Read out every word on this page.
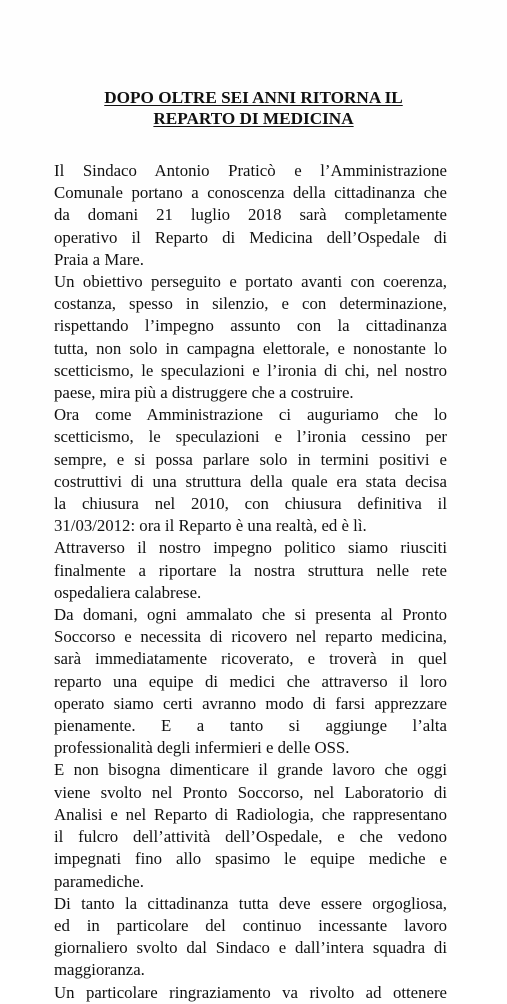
DOPO OLTRE SEI ANNI RITORNA IL
REPARTO DI MEDICINA

Il Sindaco Antonio Praticò e l’Amministrazione
Comunale portano a conoscenza della cittadinanza che
da domani 21 luglio 2018 sarà completamente
operativo il Reparto di Medicina dell’Ospedale di
Praia a Mare.

Un obiettivo perseguito e portato avanti con coerenza,
costanza, spesso in silenzio, e con determinazione,
rispettando l’impegno assunto con la cittadinanza
tutta, non solo in campagna elettorale, e nonostante lo
scetticismo, le speculazioni e l’ironia di chi, nel nostro
paese, mira più a distruggere che a costruire.

Ora come Amministrazione ci auguriamo che lo
scetticismo, le speculazioni e l’ironia cessino per
sempre, e si possa parlare solo in termini positivi e
costruttivi di una struttura della quale era stata decisa
la chiusura nel 2010, con chiusura definitiva il
31/03/2012: ora il Reparto è una realtà, ed è lì.

Attraverso il nostro impegno politico siamo riusciti
finalmente a riportare la nostra struttura nelle rete
ospedaliera calabrese.

Da domani, ogni ammalato che si presenta al Pronto
Soccorso e necessita di ricovero nel reparto medicina,
sarà immediatamente ricoverato, e troverà in quel
reparto una equipe di medici che attraverso il loro
operato siamo certi avranno modo di farsi apprezzare
pienamente. E a tanto si aggiunge l’alta
professionalità degli infermieri e delle OSS.

E non bisogna dimenticare il grande lavoro che oggi
viene svolto nel Pronto Soccorso, nel Laboratorio di
Analisi e nel Reparto di Radiologia, che rappresentano
il fulcro dell’attività dell’Ospedale, e che vedono
impegnati fino allo spasimo le equipe mediche e
paramediche.

Di tanto la cittadinanza tutta deve essere orgogliosa,
ed in particolare del continuo incessante lavoro
giornaliero svolto dal Sindaco e dall’intera squadra di
maggioranza.

Un particolare ringraziamento va rivolto ad ottenere
